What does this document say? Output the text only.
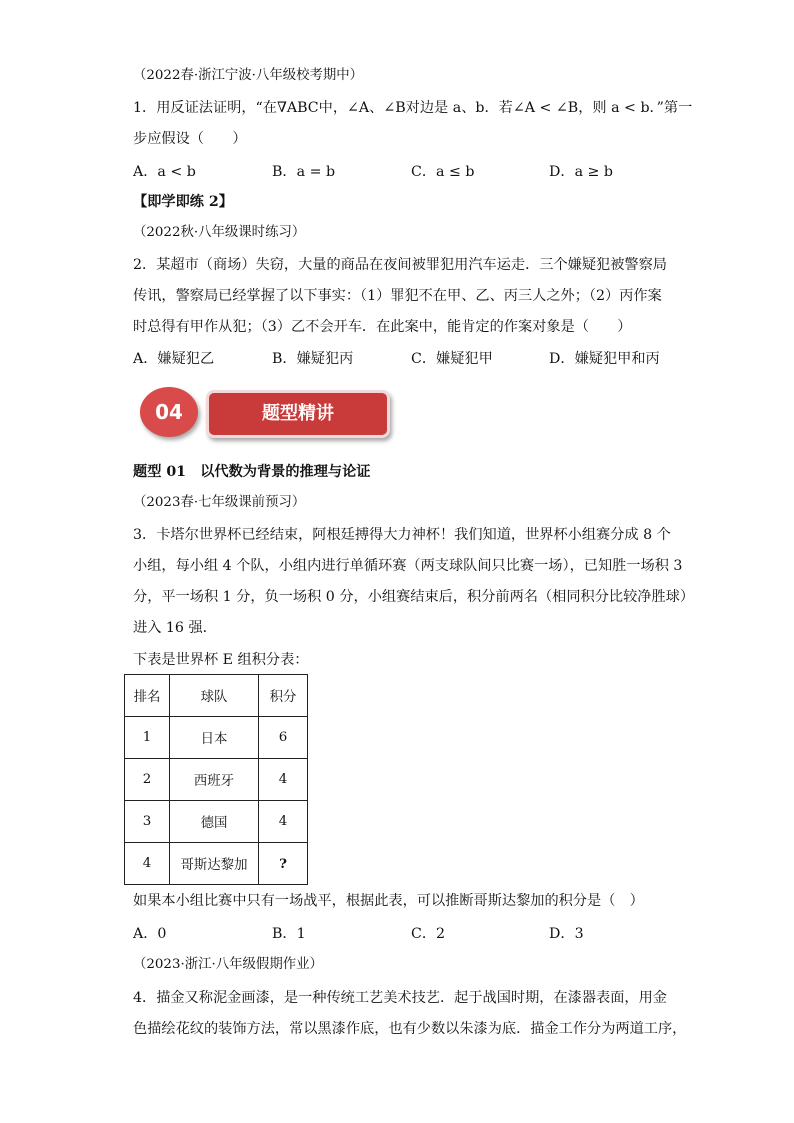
（2022春·浙江宁波·八年级校考期中）
1．用反证法证明，“在∇ABC中，∠A、∠B对边是 a、b．若∠A < ∠B，则 a < b．”第一
步应假设（　　）
A．a < b	B．a = b	C．a ≤ b	D．a ≥ b
【即学即练 2】
（2022秋·八年级课时练习）
2．某超市（商场）失窃，大量的商品在夜间被罪犯用汽车运走．三个嫌疑犯被警察局
传讯，警察局已经掌握了以下事实：（1）罪犯不在甲、乙、丙三人之外；（2）丙作案
时总得有甲作从犯；（3）乙不会开车．在此案中，能肯定的作案对象是（　　）
A．嫌疑犯乙	B．嫌疑犯丙	C．嫌疑犯甲	D．嫌疑犯甲和丙
04	题型精讲
题型 01　以代数为背景的推理与论证
（2023春·七年级课前预习）
3．卡塔尔世界杯已经结束，阿根廷搏得大力神杯！我们知道，世界杯小组赛分成 8 个
小组，每小组 4 个队，小组内进行单循环赛（两支球队间只比赛一场），已知胜一场积 3
分，平一场积 1 分，负一场积 0 分，小组赛结束后，积分前两名（相同积分比较净胜球）
进入 16 强．
下表是世界杯 E 组积分表：
排名	球队	积分
1	日本	6
2	西班牙	4
3	德国	4
4	哥斯达黎加	?
如果本小组比赛中只有一场战平，根据此表，可以推断哥斯达黎加的积分是（　）
A．0	B．1	C．2	D．3
（2023·浙江·八年级假期作业）
4．描金又称泥金画漆，是一种传统工艺美术技艺．起于战国时期，在漆器表面，用金
色描绘花纹的装饰方法，常以黑漆作底，也有少数以朱漆为底．描金工作分为两道工序，
